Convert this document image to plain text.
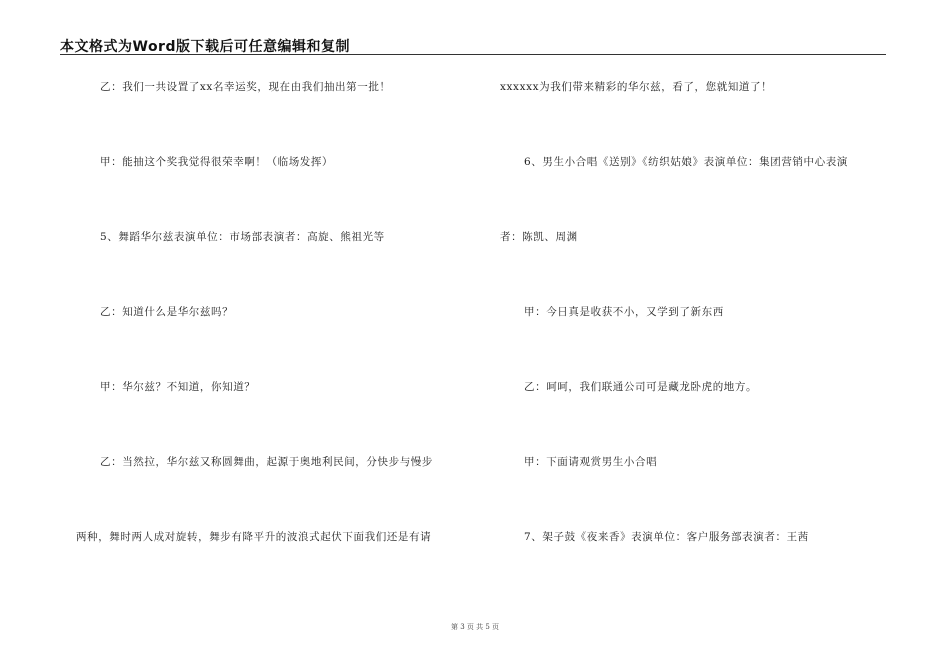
本文格式为Word版下载后可任意编辑和复制
乙：我们一共设置了xx名幸运奖，现在由我们抽出第一批！
甲：能抽这个奖我觉得很荣幸啊！（临场发挥）
5、舞蹈华尔兹表演单位：市场部表演者：高旋、熊祖光等
乙：知道什么是华尔兹吗？
甲：华尔兹？不知道，你知道？
乙：当然拉，华尔兹又称圆舞曲，起源于奥地利民间，分快步与慢步
两种，舞时两人成对旋转，舞步有降平升的波浪式起伏下面我们还是有请
xxxxxx为我们带来精彩的华尔兹，看了，您就知道了！
6、男生小合唱《送别》《纺织姑娘》表演单位：集团营销中心表演
者：陈凯、周渊
甲：今日真是收获不小，又学到了新东西
乙：呵呵，我们联通公司可是藏龙卧虎的地方。
甲：下面请观赏男生小合唱
7、架子鼓《夜来香》表演单位：客户服务部表演者：王茜
第 3 页 共 5 页
